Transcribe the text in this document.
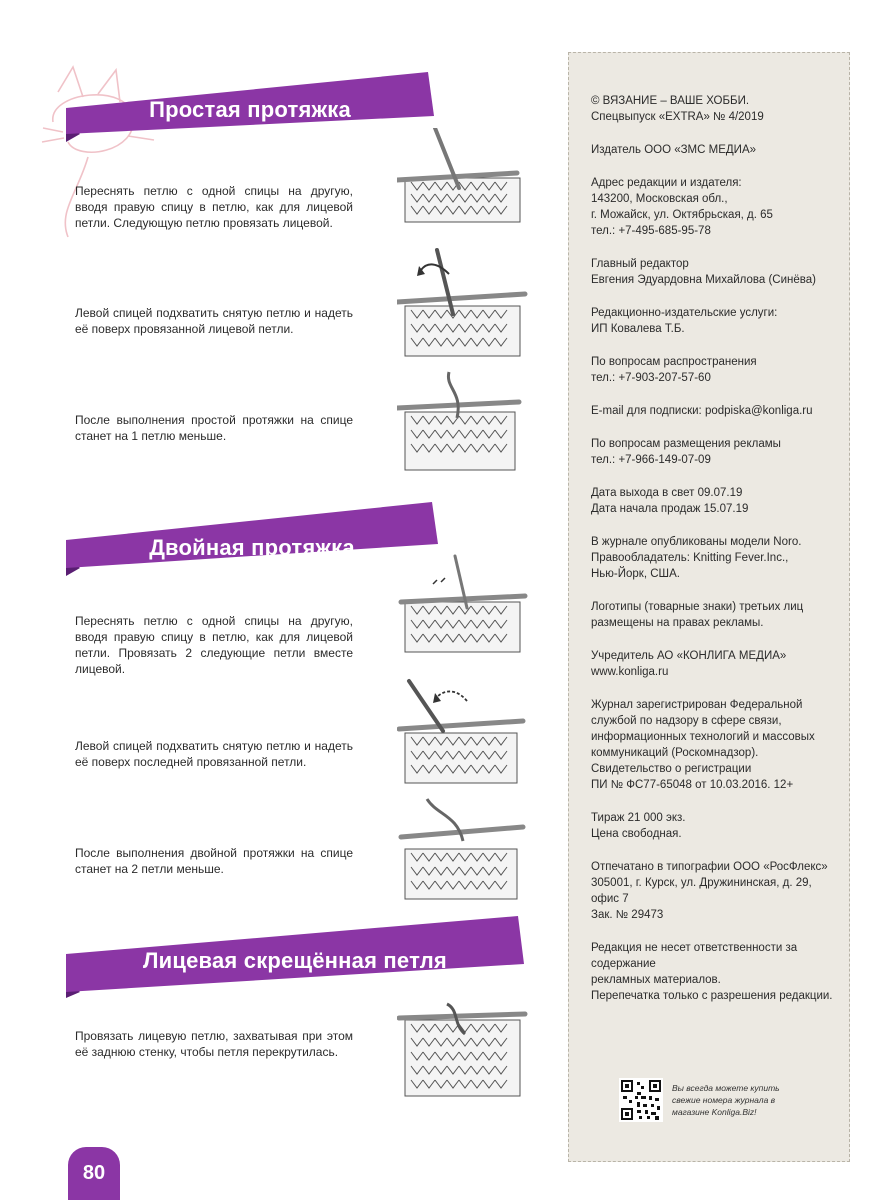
Простая протяжка
Переснять петлю с одной спицы на другую, вводя правую спицу в петлю, как для лицевой петли. Следующую петлю провязать лицевой.
Левой спицей подхватить снятую петлю и надеть её поверх провязанной лицевой петли.
После выполнения простой протяжки на спице станет на 1 петлю меньше.
Двойная протяжка
Переснять петлю с одной спицы на другую, вводя правую спицу в петлю, как для лицевой петли. Провязать 2 следующие петли вместе лицевой.
Левой спицей подхватить снятую петлю и надеть её поверх последней провязанной петли.
После выполнения двойной протяжки на спице станет на 2 петли меньше.
Лицевая скрещённая петля
Провязать лицевую петлю, захватывая при этом её заднюю стенку, чтобы петля перекрутилась.

© ВЯЗАНИЕ – ВАШЕ ХОББИ.
Спецвыпуск «EXTRA» № 4/2019

Издатель ООО «ЗМС МЕДИА»

Адрес редакции и издателя:
143200, Московская обл.,
г. Можайск, ул. Октябрьская, д. 65
тел.: +7-495-685-95-78

Главный редактор
Евгения Эдуардовна Михайлова (Синёва)

Редакционно-издательские услуги:
ИП Ковалева Т.Б.

По вопросам распространения
тел.: +7-903-207-57-60

E-mail для подписки: podpiska@konliga.ru

По вопросам размещения рекламы
тел.: +7-966-149-07-09

Дата выхода в свет 09.07.19
Дата начала продаж 15.07.19

В журнале опубликованы модели Noro.
Правообладатель: Knitting Fever.Inc.,
Нью-Йорк, США.

Логотипы (товарные знаки) третьих лиц
размещены на правах рекламы.

Учредитель АО «КОНЛИГА МЕДИА»
www.konliga.ru

Журнал зарегистрирован Федеральной
службой по надзору в сфере связи,
информационных технологий и массовых
коммуникаций (Роскомнадзор).
Свидетельство о регистрации
ПИ № ФС77-65048 от 10.03.2016. 12+

Тираж 21 000 экз.
Цена свободная.

Отпечатано в типографии ООО «РосФлекс»
305001, г. Курск, ул. Дружининская, д. 29,
офис 7
Зак. № 29473

Редакция не несет ответственности за
содержание
рекламных материалов.
Перепечатка только с разрешения редакции.

Вы всегда можете купить свежие номера журнала в магазине Konliga.Biz!
80
